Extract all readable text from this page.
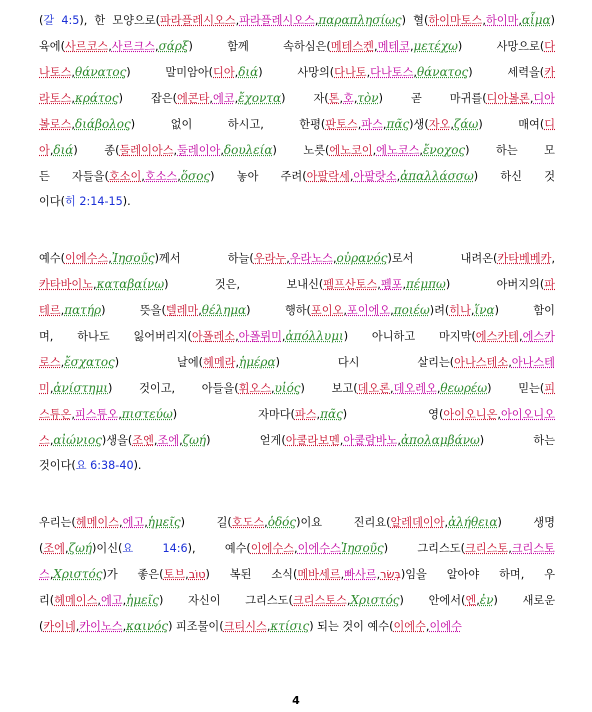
(갈 4:5), 한 모양으로(파라플레시오스,파라플레시오스,παραπλησίως) 혈(하이마토스,하이마,αἷμα)
육에(사르코스,사르크스,σάρξ) 함께 속하심은(메테스켄,메테코,μετέχω) 사망으로(다
나토스,θάνατος) 말미암아(디아,διά) 사망의(다나토,다나토스,θάνατος) 세력을(카
라토스,κράτος) 잡은(에콘타,에코,ἔχοντα) 자(톤,호,τὸν) 곧 마귀를(디아볼론,디아
볼로스,διάβολος) 없이 하시고, 한평(판토스,파스,πᾶς)생(자오,ζάω) 매여(디
아,διά) 종(둘레이아스,둘레이아,δουλεία) 노릇(에노코이,에노코스,ἔνοχος) 하는 모
든 자들을(호소이,호소스,ὅσος) 놓아 주려(아팔락세,아팔랏소,ἀπαλλάσσω) 하신 것
이다(히 2:14-15).
예수(이에수스,Ἰησοῦς)께서 하늘(우라누,우라노스,οὐρανός)로서 내려온(카타베베카,
카타바이노,καταβαίνω) 것은, 보내신(펨프산토스,펨포,πέμπω) 아버지의(파
테르,πατήρ) 뜻을(텔레마,θέλημα) 행하(포이오,포이에오,ποιέω)려(히나,ἵνα) 함이
며, 하나도 잃어버리지(아폴레소,아폴뤼미,ἀπόλλυμι) 아니하고 마지막(에스카테,에스카
로스,ἔσχατος) 날에(헤메라,ἡμέρα) 다시 살리는(아나스테소,아나스테
미,ἀνίστημι) 것이고, 아들을(휘오스,υἱός) 보고(데오론,데오레오,θεωρέω) 믿는(피
스튜온,피스튜오,πιστεύω) 자마다(파스,πᾶς) 영(아이오니온,아이오니오
스,αἰώνιος)생을(조엔,조에,ζωή) 얻게(아쿨라보멘,아쿨람바노,ἀπολαμβάνω) 하는
것이다(요 6:38-40).
우리는(헤메이스,에고,ἡμεῖς) 길(호도스,ὁδός)이요 진리요(알레데이아,ἀλήθεια) 생명
(조에,ζωή)이신(요 14:6), 예수(이에수스,이에수스Ἰησοῦς) 그리스도(크리스토,크리스토
스,Χριστός)가 좋은(토브,טוֹב) 복된 소식(메바세르,빠사르,בְּשׂר)임을 알아야 하며, 우
리(헤메이스,에고,ἡμεῖς) 자신이 그리스도(크리스토스,Χριστός) 안에서(엔,ἐν) 새로운
(카이네,카이노스,καινός) 피조물이(크티시스,κτίσις) 되는 것이 예수(이에수,이에수
4
